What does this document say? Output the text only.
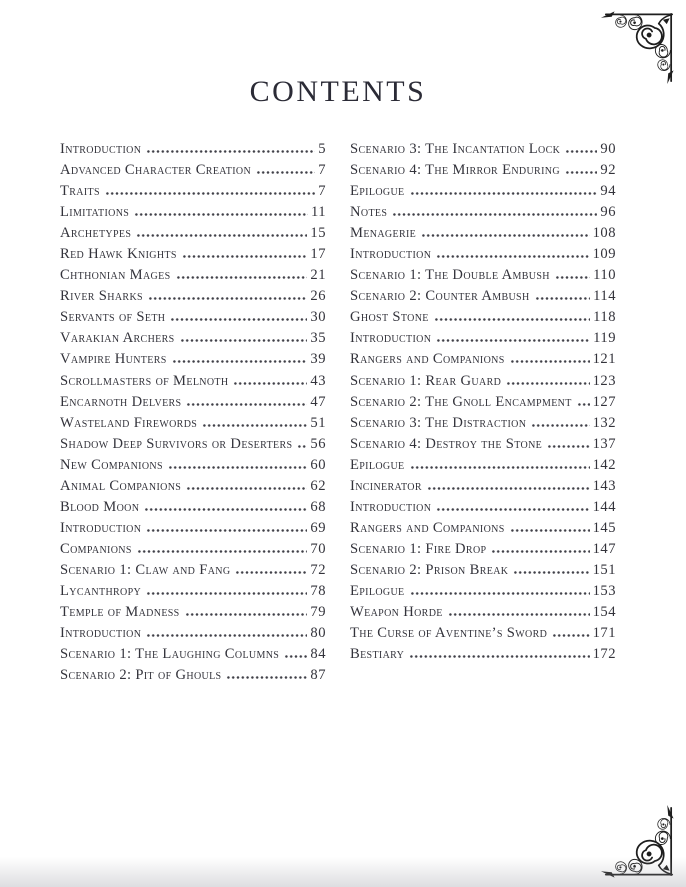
CONTENTS
Introduction	5
Advanced Character Creation	7
Traits	7
Limitations	11
Archetypes	15
Red Hawk Knights	17
Chthonian Mages	21
River Sharks	26
Servants of Seth	30
Varakian Archers	35
Vampire Hunters	39
Scrollmasters of Melnoth	43
Encarnoth Delvers	47
Wasteland Firewords	51
Shadow Deep Survivors or Deserters 56
New Companions	60
Animal Companions	62
Blood Moon	68
Introduction	69
Companions	70
Scenario 1: Claw and Fang	72
Lycanthropy	78
Temple of Madness	79
Introduction	80
Scenario 1: The Laughing Columns 84
Scenario 2: Pit of Ghouls	87
Scenario 3: The Incantation Lock	90
Scenario 4: The Mirror Enduring	92
Epilogue	94
Notes	96
Menagerie	108
Introduction	109
Scenario 1: The Double Ambush	110
Scenario 2: Counter Ambush	114
Ghost Stone	118
Introduction	119
Rangers and Companions	121
Scenario 1: Rear Guard	123
Scenario 2: The Gnoll Encampment 127
Scenario 3: The Distraction	132
Scenario 4: Destroy the Stone	137
Epilogue	142
Incinerator	143
Introduction	144
Rangers and Companions	145
Scenario 1: Fire Drop	147
Scenario 2: Prison Break	151
Epilogue	153
Weapon Horde	154
The Curse of Aventine’s Sword	171
Bestiary	172
